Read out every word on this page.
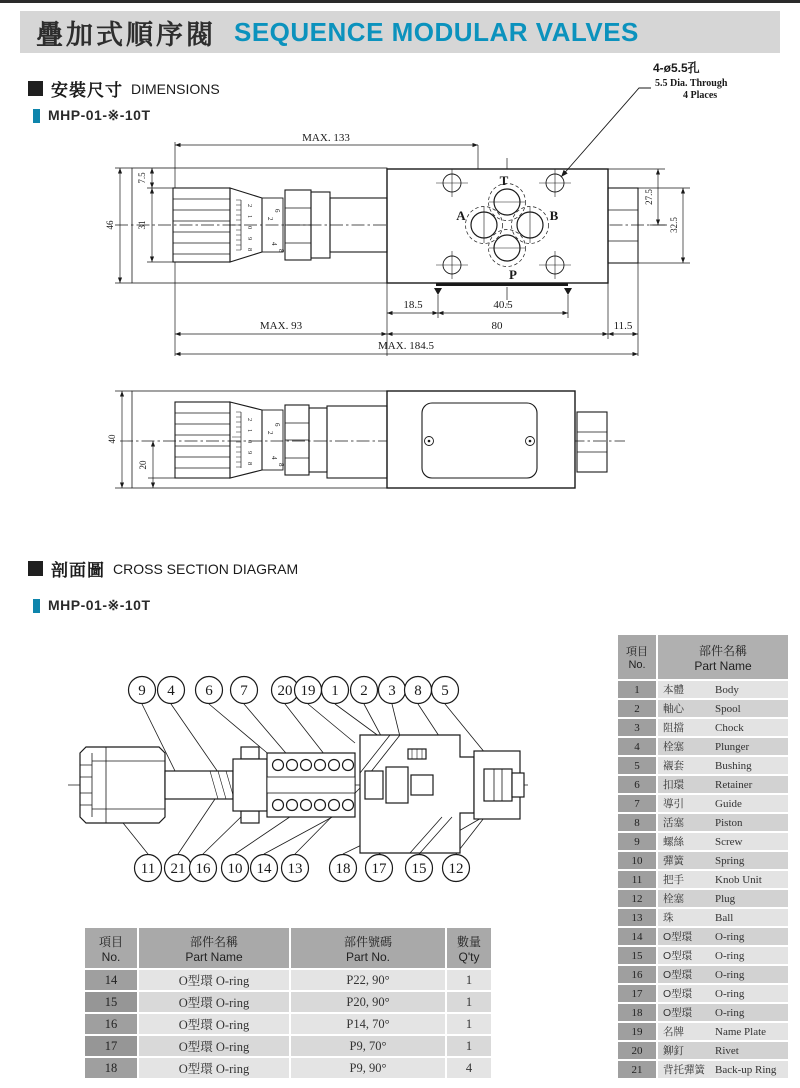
疊加式順序閥 SEQUENCE MODULAR VALVES
安裝尺寸 DIMENSIONS
MHP-01-※-10T
MAX. 133
7.5
31
46
27.5
32.5
18.5	40.5
MAX. 93	80	11.5
MAX. 184.5
T
A	B
P
2
1
0
9
8
6
2
4
8
4-ø5.5孔
5.5 Dia. Through
4 Places
40
20
2
1
0
9
8
6
2
4
8
剖面圖 CROSS SECTION DIAGRAM
MHP-01-※-10T
9 4 6 7 20 19 1 2 3 8 5
11 21 16 10 14 13 18 17 15 12
項目
No.
部件名稱
Part Name
1	本體	Body
2	軸心	Spool
3	阻擋	Chock
4	栓塞	Plunger
5	襯套	Bushing
6	扣環	Retainer
7	導引	Guide
8	活塞	Piston
9	螺絲	Screw
10	彈簧	Spring
11	把手	Knob Unit
12	栓塞	Plug
13	珠	Ball
14	O型環	O-ring
15	O型環	O-ring
16	O型環	O-ring
17	O型環	O-ring
18	O型環	O-ring
19	名牌	Name Plate
20	鉚釘	Rivet
21	背托彈簧 Back-up Ring
項目
No.
部件名稱
Part Name
部件號碼
Part No.
數量
Q'ty
14	O型環 O-ring	P22, 90°	1
15	O型環 O-ring	P20, 90°	1
16	O型環 O-ring	P14, 70°	1
17	O型環 O-ring	P9, 70°	1
18	O型環 O-ring	P9, 90°	4
